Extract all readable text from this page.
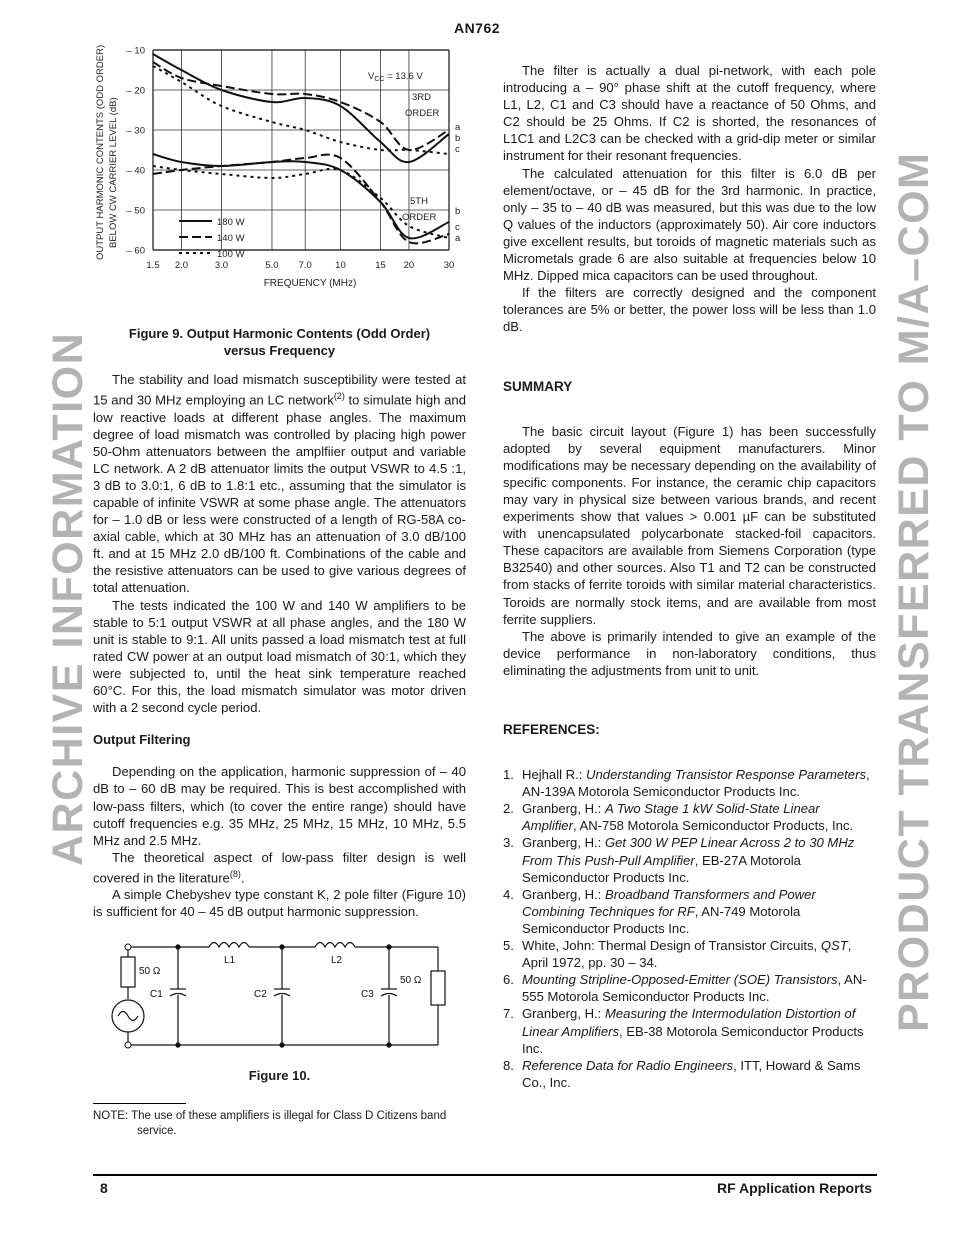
AN762
ARCHIVE INFORMATION	PRODUCT TRANSFERRED TO M/A–COM
– 10
– 20
– 30
– 40
– 50
– 60
1.5 2.0	3.0	5.0 7.0 10	15 20	30
OUTPUT HARMONIC CONTENTS (ODD ORDER) BELOW CW CARRIER LEVEL (dB)
FREQUENCY (MHz)
$V_{CC} = 13.6$ V
3RD
ORDER
5TH
ORDER
a
b
c
b
c
a
180 W
140 W
100 W
Figure 9. Output Harmonic Contents (Odd Order)
versus Frequency

The stability and load mismatch susceptibility were tested at 15 and 30 MHz employing an LC network$^{(2)}$ to simulate high and low reactive loads at different phase angles. The maximum degree of load mismatch was controlled by placing high power 50-Ohm attenuators between the amplfiier output and variable LC network. A 2 dB attenuator limits the output VSWR to 4.5 :1, 3 dB to 3.0:1, 6 dB to 1.8:1 etc., assuming that the simulator is capable of infinite VSWR at some phase angle. The attenuators for – 1.0 dB or less were constructed of a length of RG-58A co-axial cable, which at 30 MHz has an attenuation of 3.0 dB/100 ft. and at 15 MHz 2.0 dB/100 ft. Combinations of the cable and the resistive attenuators can be used to give various degrees of total attenuation.

The tests indicated the 100 W and 140 W amplifiers to be stable to 5:1 output VSWR at all phase angles, and the 180 W unit is stable to 9:1. All units passed a load mismatch test at full rated CW power at an output load mismatch of 30:1, which they were subjected to, until the heat sink temperature reached 60°C. For this, the load mismatch simulator was motor driven with a 2 second cycle period.

Output Filtering

Depending on the application, harmonic suppression of – 40 dB to – 60 dB may be required. This is best accomplished with low-pass filters, which (to cover the entire range) should have cutoff frequencies e.g. 35 MHz, 25 MHz, 15 MHz, 10 MHz, 5.5 MHz and 2.5 MHz.

The theoretical aspect of low-pass filter design is well covered in the literature$^{(8)}$.

A simple Chebyshev type constant K, 2 pole filter (Figure 10) is sufficient for 40 – 45 dB output harmonic suppression.

L1	L2
50 Ω
C1	C2	C3
50 Ω
Figure 10.
NOTE: The use of these amplifiers is illegal for Class D Citizens band
service.

The filter is actually a dual pi-network, with each pole introducing a – 90° phase shift at the cutoff frequency, where L1, L2, C1 and C3 should have a reactance of 50 Ohms, and C2 should be 25 Ohms. If C2 is shorted, the resonances of L1C1 and L2C3 can be checked with a grid-dip meter or similar instrument for their resonant frequencies.

The calculated attenuation for this filter is 6.0 dB per element/octave, or – 45 dB for the 3rd harmonic. In practice, only – 35 to – 40 dB was measured, but this was due to the low Q values of the inductors (approximately 50). Air core inductors give excellent results, but toroids of magnetic materials such as Micrometals grade 6 are also suitable at frequencies below 10 MHz. Dipped mica capacitors can be used throughout.

If the filters are correctly designed and the component tolerances are 5% or better, the power loss will be less than 1.0 dB.

SUMMARY

The basic circuit layout (Figure 1) has been successfully adopted by several equipment manufacturers. Minor modifications may be necessary depending on the availability of specific components. For instance, the ceramic chip capacitors may vary in physical size between various brands, and recent experiments show that values > 0.001 µF can be substituted with unencapsulated polycarbonate stacked-foil capacitors. These capacitors are available from Siemens Corporation (type B32540) and other sources. Also T1 and T2 can be constructed from stacks of ferrite toroids with similar material characteristics. Toroids are normally stock items, and are available from most ferrite suppliers.

The above is primarily intended to give an example of the device performance in non-laboratory conditions, thus eliminating the adjustments from unit to unit.

REFERENCES:
1. Hejhall R.: Understanding Transistor Response Parameters, AN-139A Motorola Semiconductor Products Inc.
2. Granberg, H.: A Two Stage 1 kW Solid-State Linear Amplifier, AN-758 Motorola Semiconductor Products, Inc.
3. Granberg, H.: Get 300 W PEP Linear Across 2 to 30 MHz From This Push-Pull Amplifier, EB-27A Motorola Semiconductor Products Inc.
4. Granberg, H.: Broadband Transformers and Power Combining Techniques for RF, AN-749 Motorola Semiconductor Products Inc.
5. White, John: Thermal Design of Transistor Circuits, QST, April 1972, pp. 30 – 34.
6. Mounting Stripline-Opposed-Emitter (SOE) Transistors, AN-555 Motorola Semiconductor Products Inc.
7. Granberg, H.: Measuring the Intermodulation Distortion of Linear Amplifiers, EB-38 Motorola Semiconductor Products Inc.
8. Reference Data for Radio Engineers, ITT, Howard & Sams Co., Inc.
8	RF Application Reports
